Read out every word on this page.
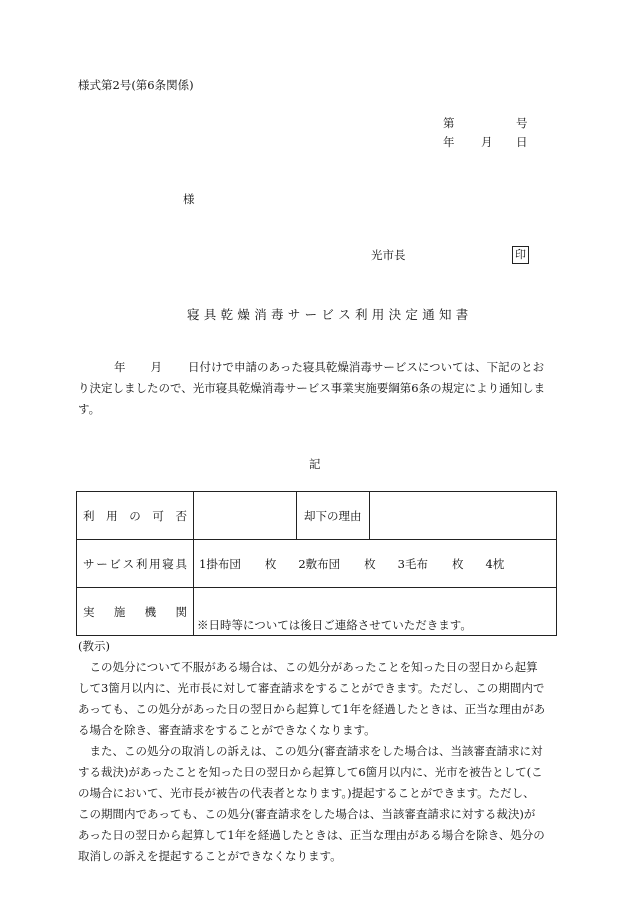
様式第2号(第6条関係)
第	号
年 月 日
様
光市長	印
寝具乾燥消毒サービス利用決定通知書
年 月 日付けで申請のあった寝具乾燥消毒サービスについては、下記のとお
り決定しましたので、光市寝具乾燥消毒サービス事業実施要綱第6条の規定により通知しま
す。
記
利用の可否		却下の理由	
サービス利用寝具	1掛布団 枚 2敷布団 枚 3毛布 枚 4枕		
実施機関	※日時等については後日ご連絡させていただきます。		
(教示)
　この処分について不服がある場合は、この処分があったことを知った日の翌日から起算
して3箇月以内に、光市長に対して審査請求をすることができます。ただし、この期間内で
あっても、この処分があった日の翌日から起算して1年を経過したときは、正当な理由があ
る場合を除き、審査請求をすることができなくなります。
　また、この処分の取消しの訴えは、この処分(審査請求をした場合は、当該審査請求に対
する裁決)があったことを知った日の翌日から起算して6箇月以内に、光市を被告として(こ
の場合において、光市長が被告の代表者となります。)提起することができます。ただし、
この期間内であっても、この処分(審査請求をした場合は、当該審査請求に対する裁決)が
あった日の翌日から起算して1年を経過したときは、正当な理由がある場合を除き、処分の
取消しの訴えを提起することができなくなります。
